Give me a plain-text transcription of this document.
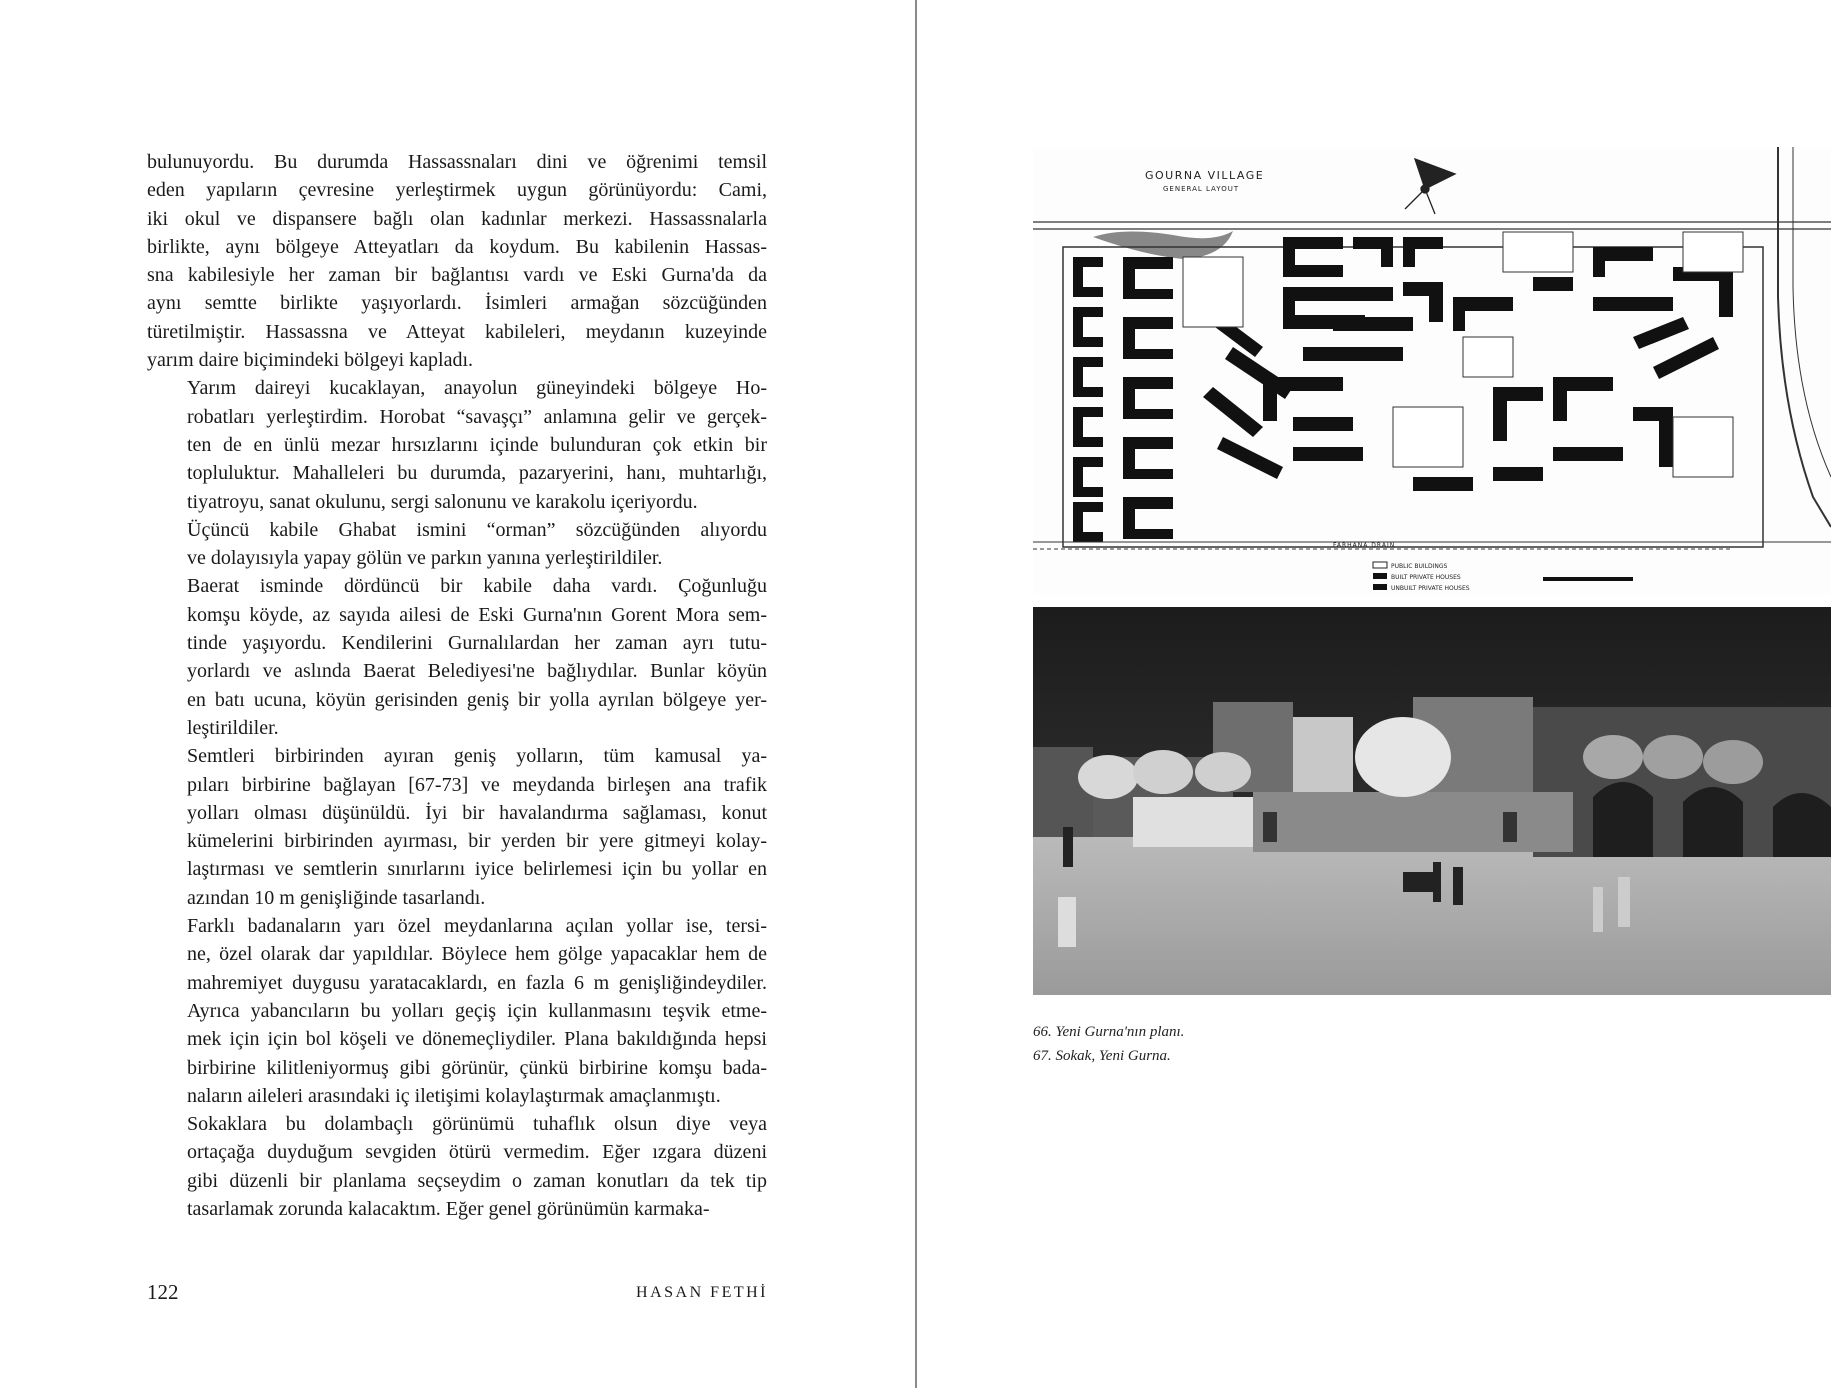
bulunuyordu. Bu durumda Hassassnaları dini ve öğrenimi temsil
eden yapıların çevresine yerleştirmek uygun görünüyordu: Cami,
iki okul ve dispansere bağlı olan kadınlar merkezi. Hassassnalarla
birlikte, aynı bölgeye Atteyatları da koydum. Bu kabilenin Hassas-
sna kabilesiyle her zaman bir bağlantısı vardı ve Eski Gurna'da da
aynı semtte birlikte yaşıyorlardı. İsimleri armağan sözcüğünden
türetilmiştir. Hassassna ve Atteyat kabileleri, meydanın kuzeyinde
yarım daire biçimindeki bölgeyi kapladı.

Yarım daireyi kucaklayan, anayolun güneyindeki bölgeye Ho-
robatları yerleştirdim. Horobat “savaşçı” anlamına gelir ve gerçek-
ten de en ünlü mezar hırsızlarını içinde bulunduran çok etkin bir
topluluktur. Mahalleleri bu durumda, pazaryerini, hanı, muhtarlığı,
tiyatroyu, sanat okulunu, sergi salonunu ve karakolu içeriyordu.

Üçüncü kabile Ghabat ismini “orman” sözcüğünden alıyordu
ve dolayısıyla yapay gölün ve parkın yanına yerleştirildiler.

Baerat isminde dördüncü bir kabile daha vardı. Çoğunluğu
komşu köyde, az sayıda ailesi de Eski Gurna'nın Gorent Mora sem-
tinde yaşıyordu. Kendilerini Gurnalılardan her zaman ayrı tutu-
yorlardı ve aslında Baerat Belediyesi'ne bağlıydılar. Bunlar köyün
en batı ucuna, köyün gerisinden geniş bir yolla ayrılan bölgeye yer-
leştirildiler.

Semtleri birbirinden ayıran geniş yolların, tüm kamusal ya-
pıları birbirine bağlayan [67-73] ve meydanda birleşen ana trafik
yolları olması düşünüldü. İyi bir havalandırma sağlaması, konut
kümelerini birbirinden ayırması, bir yerden bir yere gitmeyi kolay-
laştırması ve semtlerin sınırlarını iyice belirlemesi için bu yollar en
azından 10 m genişliğinde tasarlandı.

Farklı badanaların yarı özel meydanlarına açılan yollar ise, tersi-
ne, özel olarak dar yapıldılar. Böylece hem gölge yapacaklar hem de
mahremiyet duygusu yaratacaklardı, en fazla 6 m genişliğindeydiler.
Ayrıca yabancıların bu yolları geçiş için kullanmasını teşvik etme-
mek için için bol köşeli ve dönemeçliydiler. Plana bakıldığında hepsi
birbirine kilitleniyormuş gibi görünür, çünkü birbirine komşu bada-
naların aileleri arasındaki iç iletişimi kolaylaştırmak amaçlanmıştı.

Sokaklara bu dolambaçlı görünümü tuhaflık olsun diye veya
ortaçağa duyduğum sevgiden ötürü vermedim. Eğer ızgara düzeni
gibi düzenli bir planlama seçseydim o zaman konutları da tek tip
tasarlamak zorunda kalacaktım. Eğer genel görünümün karmaka-

122	HASAN FETHİ
GOURNA VILLAGE
GENERAL LAYOUT
FARHANA DRAIN
PUBLIC BUILDINGS
BUILT PRIVATE HOUSES
UNBUILT PRIVATE HOUSES
66. Yeni Gurna'nın planı.
67. Sokak, Yeni Gurna.
